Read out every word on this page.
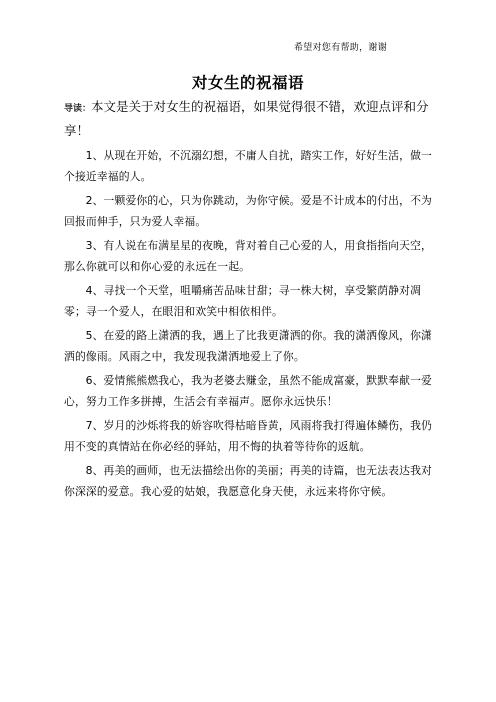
希望对您有帮助，谢谢
对女生的祝福语

导读：本文是关于对女生的祝福语，如果觉得很不错，欢迎点评和分享！

1、从现在开始，不沉溺幻想，不庸人自扰，踏实工作，好好生活，做一个接近幸福的人。

2、一颗爱你的心，只为你跳动，为你守候。爱是不计成本的付出，不为回报而伸手，只为爱人幸福。

3、有人说在布满星星的夜晚，背对着自己心爱的人，用食指指向天空，那么你就可以和你心爱的永远在一起。

4、寻找一个天堂，咀嚼痛苦品味甘甜；寻一株大树，享受繁荫静对凋零；寻一个爱人，在眼泪和欢笑中相依相伴。

5、在爱的路上潇洒的我，遇上了比我更潇洒的你。我的潇洒像风，你潇洒的像雨。风雨之中，我发现我潇洒地爱上了你。

6、爱情熊熊燃我心，我为老婆去赚金，虽然不能成富豪，默默奉献一爱心，努力工作多拼搏，生活会有幸福声。愿你永远快乐！

7、岁月的沙烁将我的娇容吹得枯暗昏黄，风雨将我打得遍体鳞伤，我仍用不变的真情站在你必经的驿站，用不悔的执着等待你的返航。

8、再美的画师，也无法描绘出你的美丽；再美的诗篇，也无法表达我对你深深的爱意。我心爱的姑娘，我愿意化身天使，永远来将你守候。
